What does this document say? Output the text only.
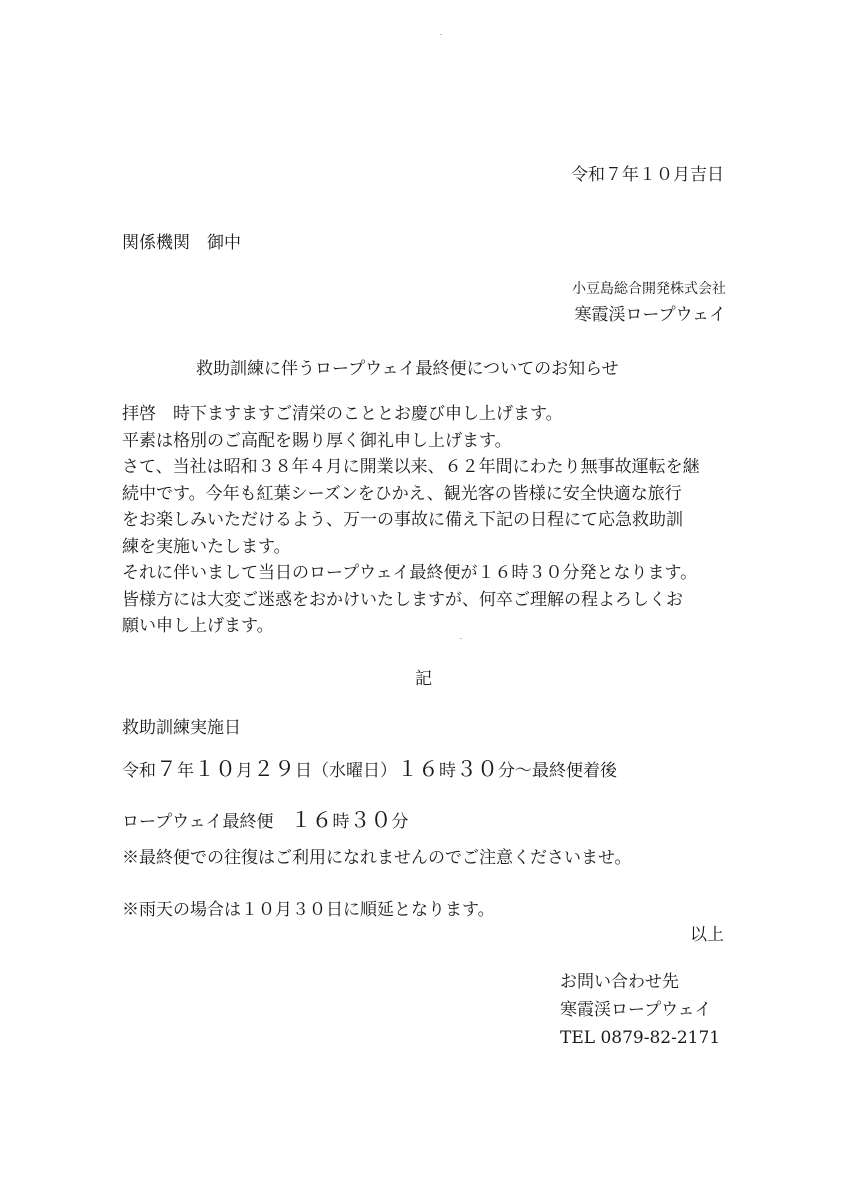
令和７年１０月吉日

関係機関　御中

小豆島総合開発株式会社

寒霞渓ロープウェイ

救助訓練に伴うロープウェイ最終便についてのお知らせ

拝啓　時下ますますご清栄のこととお慶び申し上げます。

平素は格別のご高配を賜り厚く御礼申し上げます。

さて、当社は昭和３８年４月に開業以来、６２年間にわたり無事故運転を継

続中です。今年も紅葉シーズンをひかえ、観光客の皆様に安全快適な旅行

をお楽しみいただけるよう、万一の事故に備え下記の日程にて応急救助訓

練を実施いたします。

それに伴いまして当日のロープウェイ最終便が１６時３０分発となります。

皆様方には大変ご迷惑をおかけいたしますが、何卒ご理解の程よろしくお

願い申し上げます。

記

救助訓練実施日

令和７年１０月２９日（水曜日）１６時３０分～最終便着後

ロープウェイ最終便　１６時３０分

※最終便での往復はご利用になれませんのでご注意くださいませ。

※雨天の場合は１０月３０日に順延となります。

以上

お問い合わせ先
寒霞渓ロープウェイ
TEL 0879-82-2171
